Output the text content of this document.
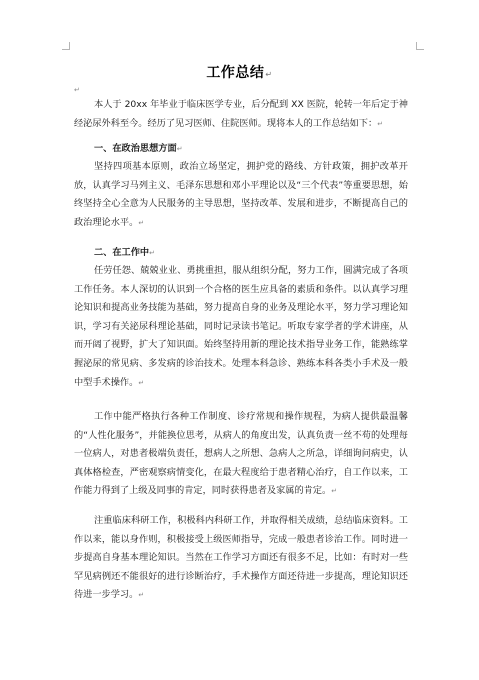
工作总结↵
↵

本人于 20xx 年毕业于临床医学专业，后分配到 XX 医院，轮转一年后定于神经泌尿外科至今。经历了见习医师、住院医师。现将本人的工作总结如下：↵

一、在政治思想方面↵

坚持四项基本原则，政治立场坚定，拥护党的路线、方针政策，拥护改革开放，认真学习马列主义、毛泽东思想和邓小平理论以及“三个代表”等重要思想，始终坚持全心全意为人民服务的主导思想，坚持改革、发展和进步，不断提高自己的政治理论水平。↵

二、在工作中↵

任劳任怨、兢兢业业、勇挑重担，服从组织分配，努力工作，圆满完成了各项工作任务。本人深切的认识到一个合格的医生应具备的素质和条件。以认真学习理论知识和提高业务技能为基础，努力提高自身的业务及理论水平，努力学习理论知识，学习有关泌尿科理论基础，同时记录读书笔记。听取专家学者的学术讲座，从而开阔了视野，扩大了知识面。始终坚持用新的理论技术指导业务工作，能熟练掌握泌尿的常见病、多发病的诊治技术。处理本科急诊、熟练本科各类小手术及一般中型手术操作。↵

工作中能严格执行各种工作制度、诊疗常规和操作规程，为病人提供最温馨的“人性化服务”，并能换位思考，从病人的角度出发，认真负责一丝不苟的处理每一位病人，对患者极端负责任，想病人之所想、急病人之所急，详细询问病史，认真体格检查，严密观察病情变化，在最大程度给于患者精心治疗，自工作以来，工作能力得到了上级及同事的肯定，同时获得患者及家属的肯定。↵

注重临床科研工作，积极科内科研工作，并取得相关成绩，总结临床资料。工作以来，能以身作则，积极接受上级医师指导，完成一般患者诊治工作。同时进一步提高自身基本理论知识。当然在工作学习方面还有很多不足，比如：有时对一些罕见病例还不能很好的进行诊断治疗，手术操作方面还待进一步提高，理论知识还待进一步学习。↵
